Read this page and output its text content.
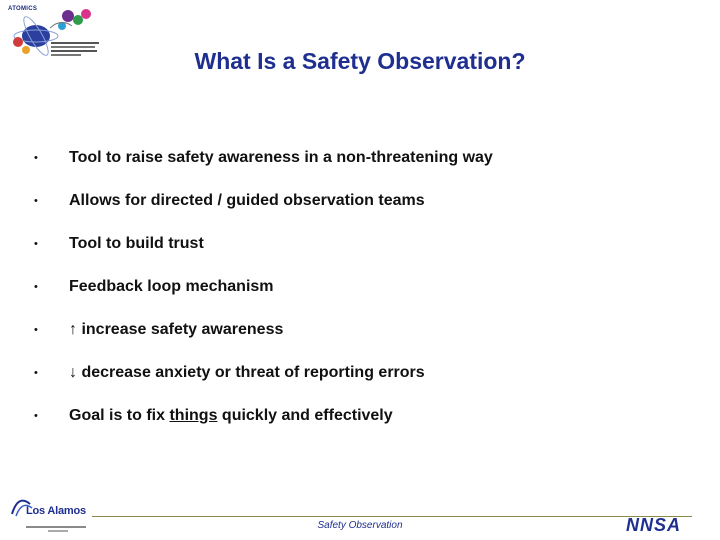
ATOMICS
What Is a Safety Observation?
• Tool to raise safety awareness in a non-threatening way
• Allows for directed / guided observation teams
• Tool to build trust
• Feedback loop mechanism
• ↑ increase safety awareness
• ↓ decrease anxiety or threat of reporting errors
• Goal is to fix things quickly and effectively
Los Alamos
Safety Observation	NNSA
